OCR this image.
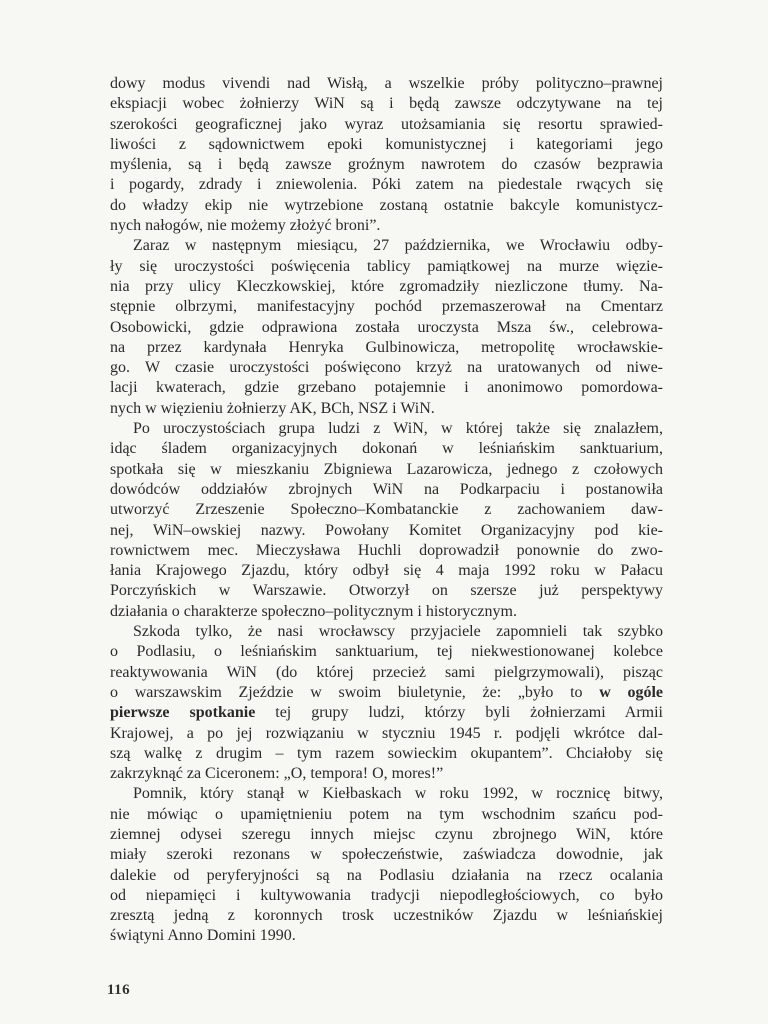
dowy modus vivendi nad Wisłą, a wszelkie próby polityczno–prawnej
ekspiacji wobec żołnierzy WiN są i będą zawsze odczytywane na tej
szerokości geograficznej jako wyraz utożsamiania się resortu sprawied-
liwości z sądownictwem epoki komunistycznej i kategoriami jego
myślenia, są i będą zawsze groźnym nawrotem do czasów bezprawia
i pogardy, zdrady i zniewolenia. Póki zatem na piedestale rwących się
do władzy ekip nie wytrzebione zostaną ostatnie bakcyle komunistycz-
nych nałogów, nie możemy złożyć broni”.
Zaraz w następnym miesiącu, 27 października, we Wrocławiu odby-
ły się uroczystości poświęcenia tablicy pamiątkowej na murze więzie-
nia przy ulicy Kleczkowskiej, które zgromadziły niezliczone tłumy. Na-
stępnie olbrzymi, manifestacyjny pochód przemaszerował na Cmentarz
Osobowicki, gdzie odprawiona została uroczysta Msza św., celebrowa-
na przez kardynała Henryka Gulbinowicza, metropolitę wrocławskie-
go. W czasie uroczystości poświęcono krzyż na uratowanych od niwe-
lacji kwaterach, gdzie grzebano potajemnie i anonimowo pomordowa-
nych w więzieniu żołnierzy AK, BCh, NSZ i WiN.
Po uroczystościach grupa ludzi z WiN, w której także się znalazłem,
idąc śladem organizacyjnych dokonań w leśniańskim sanktuarium,
spotkała się w mieszkaniu Zbigniewa Lazarowicza, jednego z czołowych
dowódców oddziałów zbrojnych WiN na Podkarpaciu i postanowiła
utworzyć Zrzeszenie Społeczno–Kombatanckie z zachowaniem daw-
nej, WiN–owskiej nazwy. Powołany Komitet Organizacyjny pod kie-
rownictwem mec. Mieczysława Huchli doprowadził ponownie do zwo-
łania Krajowego Zjazdu, który odbył się 4 maja 1992 roku w Pałacu
Porczyńskich w Warszawie. Otworzył on szersze już perspektywy
działania o charakterze społeczno–politycznym i historycznym.
Szkoda tylko, że nasi wrocławscy przyjaciele zapomnieli tak szybko
o Podlasiu, o leśniańskim sanktuarium, tej niekwestionowanej kolebce
reaktywowania WiN (do której przecież sami pielgrzymowali), pisząc
o warszawskim Zjeździe w swoim biuletynie, że: „było to w ogóle
pierwsze spotkanie tej grupy ludzi, którzy byli żołnierzami Armii
Krajowej, a po jej rozwiązaniu w styczniu 1945 r. podjęli wkrótce dal-
szą walkę z drugim – tym razem sowieckim okupantem”. Chciałoby się
zakrzyknąć za Ciceronem: „O, tempora! O, mores!”
Pomnik, który stanął w Kiełbaskach w roku 1992, w rocznicę bitwy,
nie mówiąc o upamiętnieniu potem na tym wschodnim szańcu pod-
ziemnej odysei szeregu innych miejsc czynu zbrojnego WiN, które
miały szeroki rezonans w społeczeństwie, zaświadcza dowodnie, jak
dalekie od peryferyjności są na Podlasiu działania na rzecz ocalania
od niepamięci i kultywowania tradycji niepodległościowych, co było
zresztą jedną z koronnych trosk uczestników Zjazdu w leśniańskiej
świątyni Anno Domini 1990.
116
